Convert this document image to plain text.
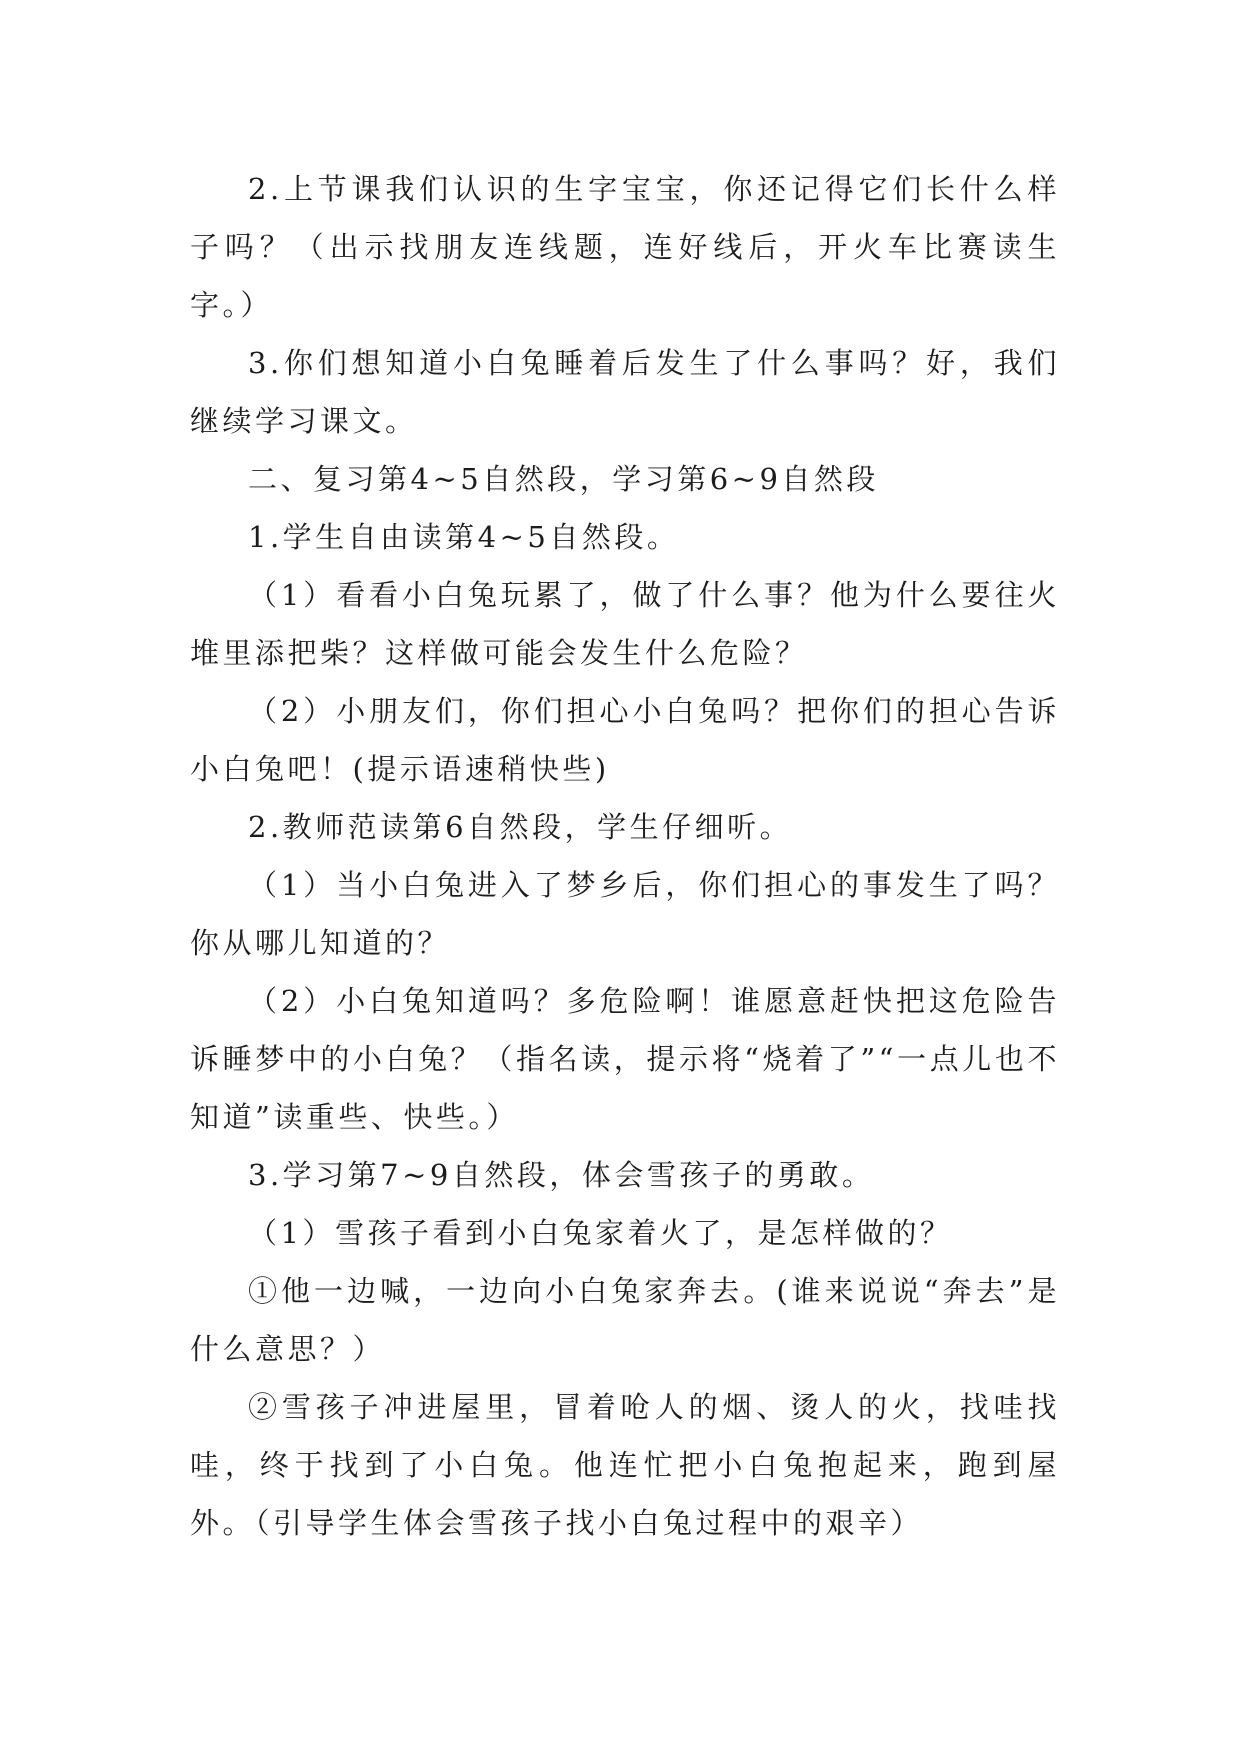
2.上节课我们认识的生字宝宝，你还记得它们长什么样子吗？（出示找朋友连线题，连好线后，开火车比赛读生字。）

3.你们想知道小白兔睡着后发生了什么事吗？好，我们继续学习课文。

二、复习第4~5自然段，学习第6~9自然段

1.学生自由读第4~5自然段。

（1）看看小白兔玩累了，做了什么事？他为什么要往火堆里添把柴？这样做可能会发生什么危险？

（2）小朋友们，你们担心小白兔吗？把你们的担心告诉小白兔吧！(提示语速稍快些)

2.教师范读第6自然段，学生仔细听。

（1）当小白兔进入了梦乡后，你们担心的事发生了吗？你从哪儿知道的？

（2）小白兔知道吗？多危险啊！谁愿意赶快把这危险告诉睡梦中的小白兔？（指名读，提示将“烧着了”“一点儿也不知道”读重些、快些。）

3.学习第7~9自然段，体会雪孩子的勇敢。

（1）雪孩子看到小白兔家着火了，是怎样做的？

①他一边喊，一边向小白兔家奔去。(谁来说说“奔去”是什么意思？）

②雪孩子冲进屋里，冒着呛人的烟、烫人的火，找哇找哇，终于找到了小白兔。他连忙把小白兔抱起来，跑到屋外。（引导学生体会雪孩子找小白兔过程中的艰辛）
